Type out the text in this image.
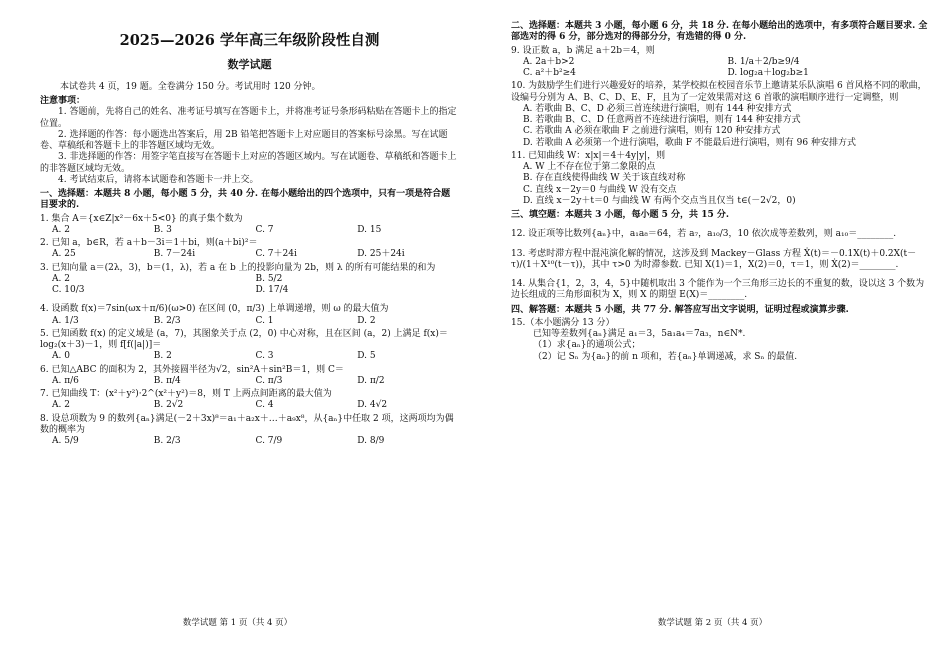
2025—2026 学年高三年级阶段性自测
数学试题

本试卷共 4 页，19 题。全卷满分 150 分。考试用时 120 分钟。

注意事项：

1. 答题前，先将自己的姓名、准考证号填写在答题卡上，并将准考证号条形码粘贴在答题卡上的指定位置。

2. 选择题的作答：每小题选出答案后，用 2B 铅笔把答题卡上对应题目的答案标号涂黑。写在试题卷、草稿纸和答题卡上的非答题区域均无效。

3. 非选择题的作答：用签字笔直接写在答题卡上对应的答题区域内。写在试题卷、草稿纸和答题卡上的非答题区域均无效。

4. 考试结束后，请将本试题卷和答题卡一并上交。

一、选择题：本题共 8 小题，每小题 5 分，共 40 分. 在每小题给出的四个选项中，只有一项是符合题目要求的.

1. 集合 A＝{x∈Z|x²－6x＋5<0} 的真子集个数为

A. 2	B. 3	C. 7	D. 15

2. 已知 a，b∈R，若 a＋b－3i＝1＋bi，则(a＋bi)²＝

A. 25	B. 7－24i	C. 7＋24i	D. 25＋24i

3. 已知向量 a＝(2λ，3)，b＝(1，λ)，若 a 在 b 上的投影向量为 2b，则 λ 的所有可能结果的和为

A. 2	B. 5/2
C. 10/3	D. 17/4

4. 设函数 f(x)＝7sin(ωx＋π/6)(ω>0) 在区间 (0，π/3) 上单调递增，则 ω 的最大值为

A. 1/3	B. 2/3	C. 1	D. 2

5. 已知函数 f(x) 的定义域是 (a，7)，其图象关于点 (2，0) 中心对称，且在区间 (a，2) 上满足 f(x)＝log₂(x＋3)－1，则 f[f(|a|)]＝

A. 0	B. 2	C. 3	D. 5

6. 已知△ABC 的面积为 2，其外接圆半径为√2，sin²A＋sin²B＝1，则 C＝

A. π/6	B. π/4	C. π/3	D. π/2

7. 已知曲线 T：(x²＋y²)·2^(x²＋y²)＝8，则 T 上两点间距离的最大值为

A. 2	B. 2√2	C. 4	D. 4√2

8. 设总项数为 9 的数列{aₙ}满足(－2＋3x)⁸＝a₁＋a₂x＋…＋a₉x⁸，从{aₙ}中任取 2 项，这两项均为偶数的概率为

A. 5/9	B. 2/3	C. 7/9	D. 8/9
数学试题 第 1 页（共 4 页）

二、选择题：本题共 3 小题，每小题 6 分，共 18 分. 在每小题给出的选项中，有多项符合题目要求. 全部选对的得 6 分，部分选对的得部分分，有选错的得 0 分.

9. 设正数 a，b 满足 a＋2b＝4，则

A. 2a＋b>2	B. 1/a＋2/b≥9/4
C. a²＋b²≥4	D. log₂a＋log₂b≥1

10. 为鼓励学生们进行兴趣爱好的培养，某学校拟在校园音乐节上邀请某乐队演唱 6 首风格不同的歌曲，设编号分别为 A、B、C、D、E、F，且为了一定效果需对这 6 首歌的演唱顺序进行一定调整，则

A. 若歌曲 B、C、D 必须三首连续进行演唱，则有 144 种安排方式

B. 若歌曲 B、C、D 任意两首不连续进行演唱，则有 144 种安排方式

C. 若歌曲 A 必须在歌曲 F 之前进行演唱，则有 120 种安排方式

D. 若歌曲 A 必须第一个进行演唱，歌曲 F 不能最后进行演唱，则有 96 种安排方式

11. 已知曲线 W：x|x|＝4＋4y|y|，则

A. W 上不存在位于第二象限的点

B. 存在直线使得曲线 W 关于该直线对称

C. 直线 x－2y＝0 与曲线 W 没有交点

D. 直线 x－2y＋t＝0 与曲线 W 有两个交点当且仅当 t∈(－2√2，0)

三、填空题：本题共 3 小题，每小题 5 分，共 15 分.

12. 设正项等比数列{aₙ}中，a₁a₈＝64，若 a₇，a₁₀/3，10 依次成等差数列，则 a₁₀＝________.

13. 考虑时滞方程中混沌演化解的情况，这涉及到 Mackey－Glass 方程 Ẋ(t)＝－0.1X(t)＋0.2X(t－τ)/(1＋X¹⁰(t－τ))，其中 τ>0 为时滞参数. 已知 X(1)＝1，X(2)＝0，τ＝1，则 Ẋ(2)＝________.

14. 从集合{1，2，3，4，5}中随机取出 3 个能作为一个三角形三边长的不重复的数，设以这 3 个数为边长组成的三角形面积为 X，则 X 的期望 E(X)＝________.

四、解答题：本题共 5 小题，共 77 分. 解答应写出文字说明，证明过程或演算步骤.

15.（本小题满分 13 分）

已知等差数列{aₙ}满足 a₁＝3，5a₁a₄＝7a₃，n∈N*.

（1）求{aₙ}的通项公式；

（2）记 Sₙ 为{aₙ}的前 n 项和，若{aₙ}单调递减，求 Sₙ 的最值.

数学试题 第 2 页（共 4 页）
